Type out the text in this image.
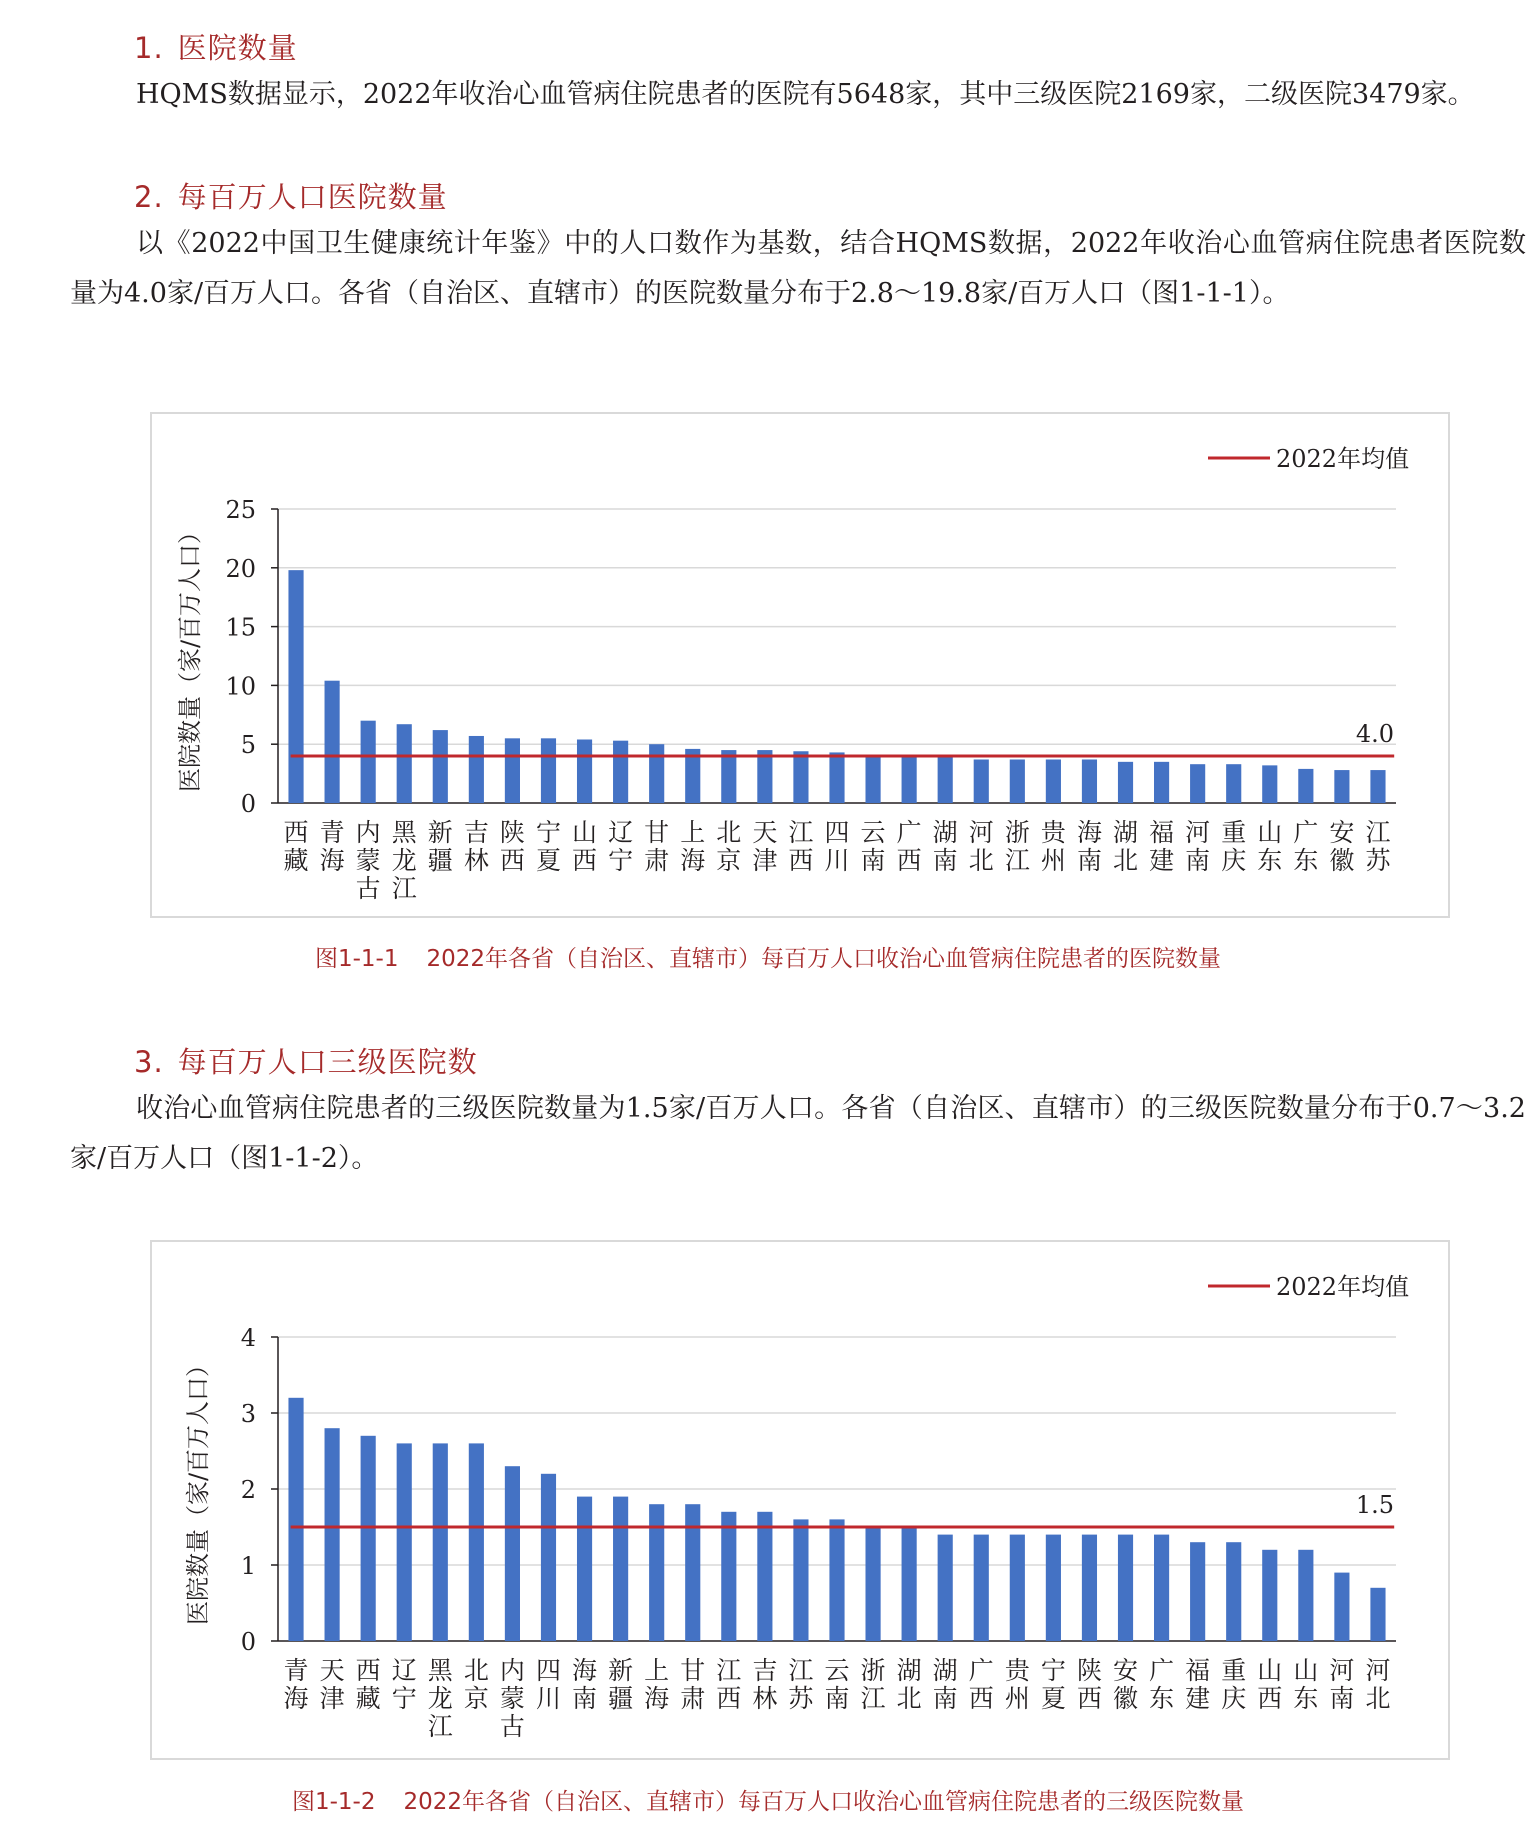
1. 医院数量

HQMS数据显示，2022年收治心血管病住院患者的医院有5648家，其中三级医院2169家，二级医院3479家。

2. 每百万人口医院数量

以《2022中国卫生健康统计年鉴》中的人口数作为基数，结合HQMS数据，2022年收治心血管病住院患者医院数量为4.0家/百万人口。各省（自治区、直辖市）的医院数量分布于2.8～19.8家/百万人口（图1-1-1）。

0
5
10
15
20
25
西藏
青海
内蒙古
黑龙江
新疆
吉林
陕西
宁夏
山西
辽宁
甘肃
上海
北京
天津
江西
四川
云南
广西
湖南
河北
浙江
贵州
海南
湖北
福建
河南
重庆
山东
广东
安徽
江苏
4.0
2022年均值
医院数量（家/百万人口）
图1-1-1 2022年各省（自治区、直辖市）每百万人口收治心血管病住院患者的医院数量
3. 每百万人口三级医院数

收治心血管病住院患者的三级医院数量为1.5家/百万人口。各省（自治区、直辖市）的三级医院数量分布于0.7～3.2家/百万人口（图1-1-2）。

0
1
2
3
4
青海
天津
西藏
辽宁
黑龙江
北京
内蒙古
四川
海南
新疆
上海
甘肃
江西
吉林
江苏
云南
浙江
湖北
湖南
广西
贵州
宁夏
陕西
安徽
广东
福建
重庆
山西
山东
河南
河北
1.5
2022年均值
医院数量（家/百万人口）
图1-1-2 2022年各省（自治区、直辖市）每百万人口收治心血管病住院患者的三级医院数量
